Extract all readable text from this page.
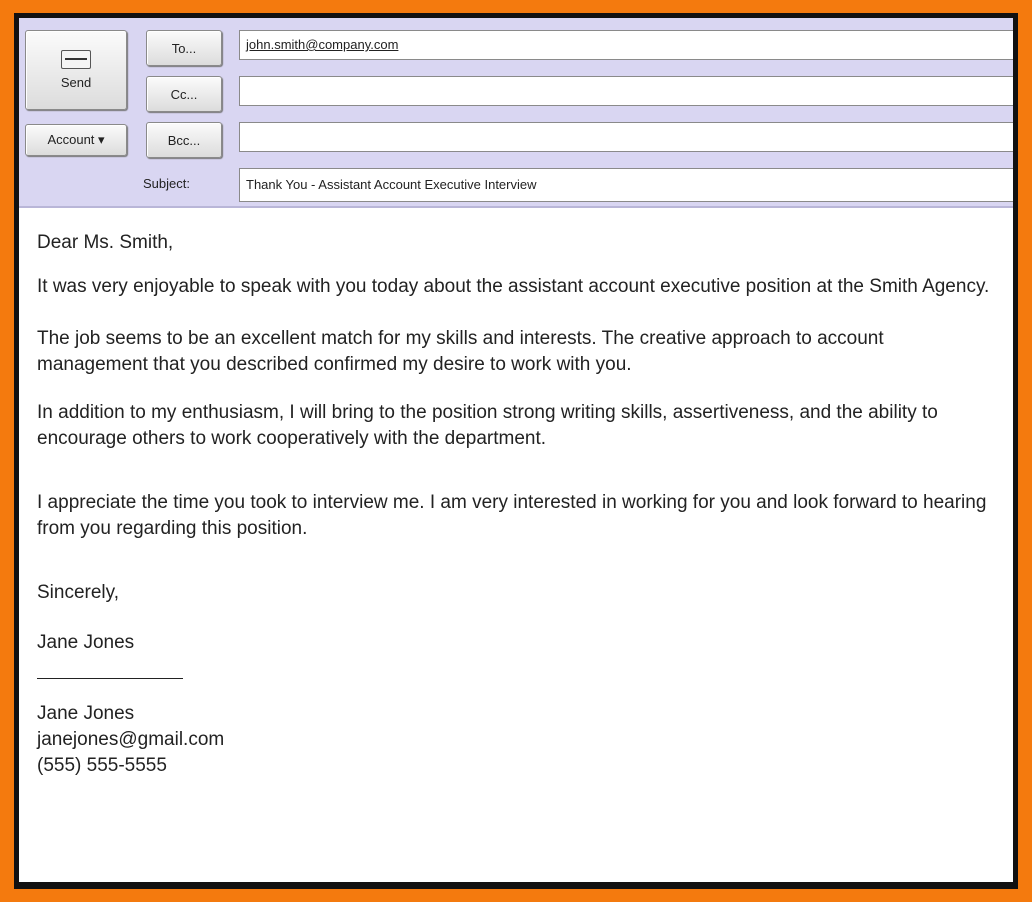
Send
Account ▾
To...
Cc...
Bcc...
john.smith@company.com
Subject:	Thank You - Assistant Account Executive Interview

Dear Ms. Smith,

It was very enjoyable to speak with you today about the assistant account executive position at the Smith Agency.

The job seems to be an excellent match for my skills and interests. The creative approach to account management that you described confirmed my desire to work with you.

In addition to my enthusiasm, I will bring to the position strong writing skills, assertiveness, and the ability to encourage others to work cooperatively with the department.

I appreciate the time you took to interview me. I am very interested in working for you and look forward to hearing from you regarding this position.

Sincerely,

Jane Jones

Jane Jones

janejones@gmail.com

(555) 555-5555
